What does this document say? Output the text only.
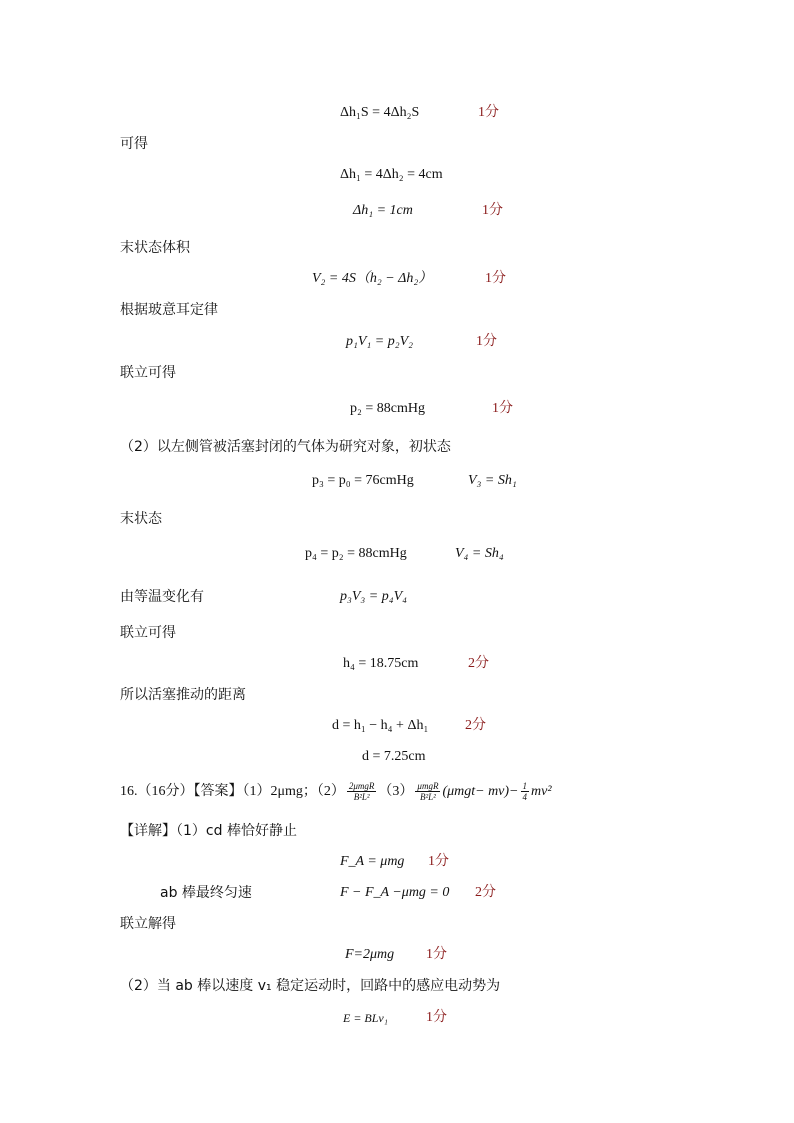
Δh₁S = 4Δh₂S	1分
可得
Δh₁ = 4Δh₂ = 4cm
Δh₁ = 1cm	1分
末状态体积
V₂ = 4S（h₂ − Δh₂）	1分
根据玻意耳定律
p₁V₁ = p₂V₂	1分
联立可得
p₂ = 88cmHg	1分
（2）以左侧管被活塞封闭的气体为研究对象，初状态
p₃ = p₀ = 76cmHg	V₃ = Sh₁
末状态
p₄ = p₂ = 88cmHg	V₄ = Sh₄
由等温变化有	p₃V₃ = p₄V₄
联立可得
h₄ = 18.75cm	2分
所以活塞推动的距离
d = h₁ − h₄ + Δh₁	2分
d = 7.25cm
16.（16分）【答案】（1）2μmg；$(2) \frac{\text{2μmgR}}{\text{B²L²}} (3) \frac{\text{μmgR}}{\text{B²L²}} (\mu mgt- mv)- \frac{1}{4} mv^2$
【详解】（1）cd 棒恰好静止
F_A = μmg 1分
ab 棒最终匀速	F − F_A −μmg = 0 2分
联立解得
F=2μmg 1分
（2）当 ab 棒以速度 v₁ 稳定运动时，回路中的感应电动势为
E = BLv₁	1分
